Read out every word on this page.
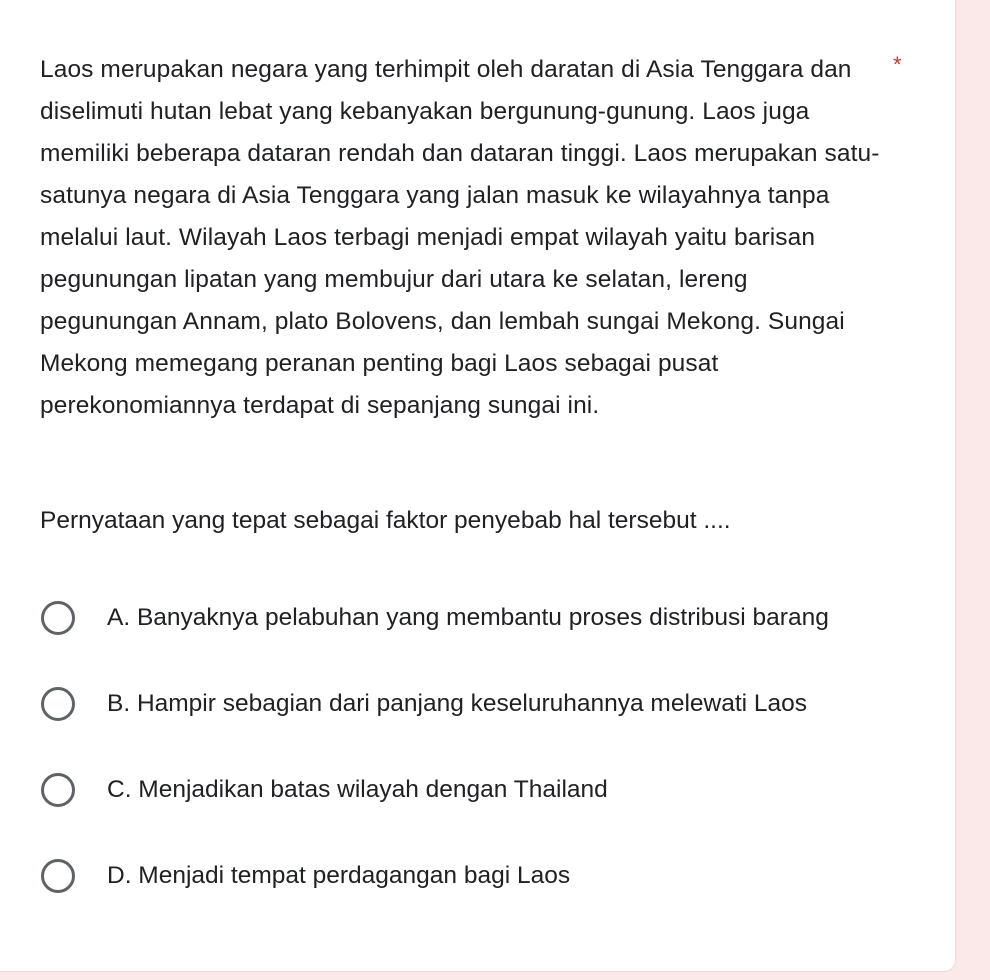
Laos merupakan negara yang terhimpit oleh daratan di Asia Tenggara dan diselimuti hutan lebat yang kebanyakan bergunung-gunung. Laos juga memiliki beberapa dataran rendah dan dataran tinggi. Laos merupakan satu-satunya negara di Asia Tenggara yang jalan masuk ke wilayahnya tanpa melalui laut. Wilayah Laos terbagi menjadi empat wilayah yaitu barisan pegunungan lipatan yang membujur dari utara ke selatan, lereng pegunungan Annam, plato Bolovens, dan lembah sungai Mekong. Sungai Mekong memegang peranan penting bagi Laos sebagai pusat perekonomiannya terdapat di sepanjang sungai ini.

*

Pernyataan yang tepat sebagai faktor penyebab hal tersebut ....

A. Banyaknya pelabuhan yang membantu proses distribusi barang
B. Hampir sebagian dari panjang keseluruhannya melewati Laos
C. Menjadikan batas wilayah dengan Thailand
D. Menjadi tempat perdagangan bagi Laos
